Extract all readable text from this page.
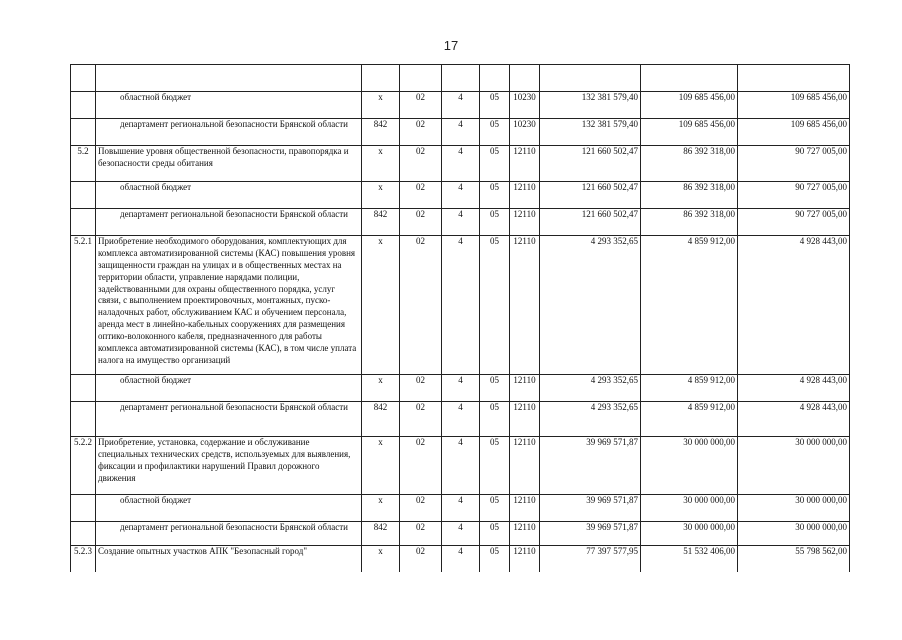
17

	областной бюджет	х	02	4	05	10230	132 381 579,40	109 685 456,00	109 685 456,00
	департамент региональной безопасности Брянской области	842	02	4	05	10230	132 381 579,40	109 685 456,00	109 685 456,00
5.2	Повышение уровня общественной безопасности, правопорядка и безопасности среды обитания	х	02	4	05	12110	121 660 502,47	86 392 318,00	90 727 005,00
	областной бюджет	х	02	4	05	12110	121 660 502,47	86 392 318,00	90 727 005,00
	департамент региональной безопасности Брянской области	842	02	4	05	12110	121 660 502,47	86 392 318,00	90 727 005,00
5.2.1	Приобретение необходимого оборудования, комплектующих для комплекса автоматизированной системы (КАС) повышения уровня защищенности граждан на улицах и в общественных местах на территории области, управление нарядами полиции, задействованными для охраны общественного порядка, услуг связи, с выполнением проектировочных, монтажных, пуско-наладочных работ, обслуживанием КАС и обучением персонала, аренда мест в линейно-кабельных сооружениях для размещения оптико-волоконного кабеля, предназначенного для работы комплекса автоматизированной системы (КАС), в том числе уплата налога на имущество организаций	х	02	4	05	12110	4 293 352,65	4 859 912,00	4 928 443,00
	областной бюджет	х	02	4	05	12110	4 293 352,65	4 859 912,00	4 928 443,00
	департамент региональной безопасности Брянской области	842	02	4	05	12110	4 293 352,65	4 859 912,00	4 928 443,00
5.2.2	Приобретение, установка, содержание и обслуживание специальных технических средств, используемых для выявления, фиксации и профилактики нарушений Правил дорожного движения	х	02	4	05	12110	39 969 571,87	30 000 000,00	30 000 000,00
	областной бюджет	х	02	4	05	12110	39 969 571,87	30 000 000,00	30 000 000,00
	департамент региональной безопасности Брянской области	842	02	4	05	12110	39 969 571,87	30 000 000,00	30 000 000,00
5.2.3	Создание опытных участков АПК "Безопасный город"	х	02	4	05	12110	77 397 577,95	51 532 406,00	55 798 562,00
